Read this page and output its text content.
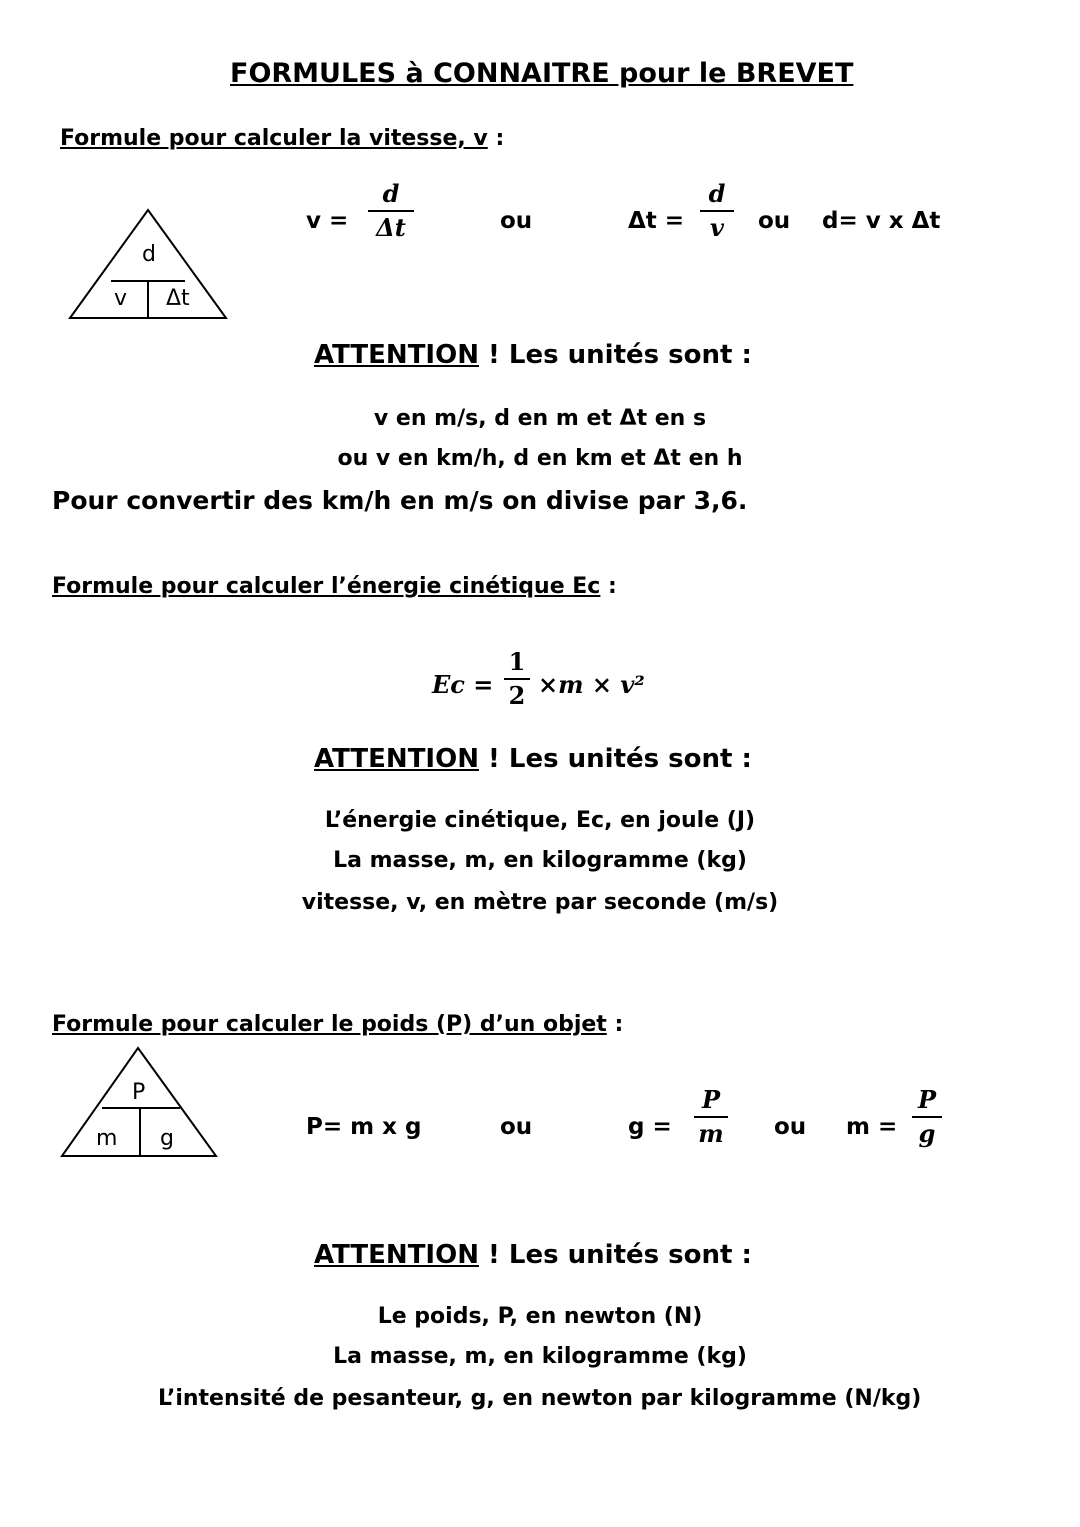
FORMULES à CONNAITRE pour le BREVET
Formule pour calculer la vitesse, v :
d
v Δt
v =
d
Δt	ou	Δt =
d
v	ou d= v x Δt
ATTENTION ! Les unités sont :
v en m/s, d en m et Δt en s
ou v en km/h, d en km et Δt en h
Pour convertir des km/h en m/s on divise par 3,6.
Formule pour calculer l’énergie cinétique Ec :
Ec =
1
2 ×m × v²
ATTENTION ! Les unités sont :
L’énergie cinétique, Ec, en joule (J)
La masse, m, en kilogramme (kg)
vitesse, v, en mètre par seconde (m/s)
Formule pour calculer le poids (P) d’un objet :
P
m g	P= m x g	ou	g =
P
m ou m =
P
g
ATTENTION ! Les unités sont :
Le poids, P, en newton (N)
La masse, m, en kilogramme (kg)
L’intensité de pesanteur, g, en newton par kilogramme (N/kg)
